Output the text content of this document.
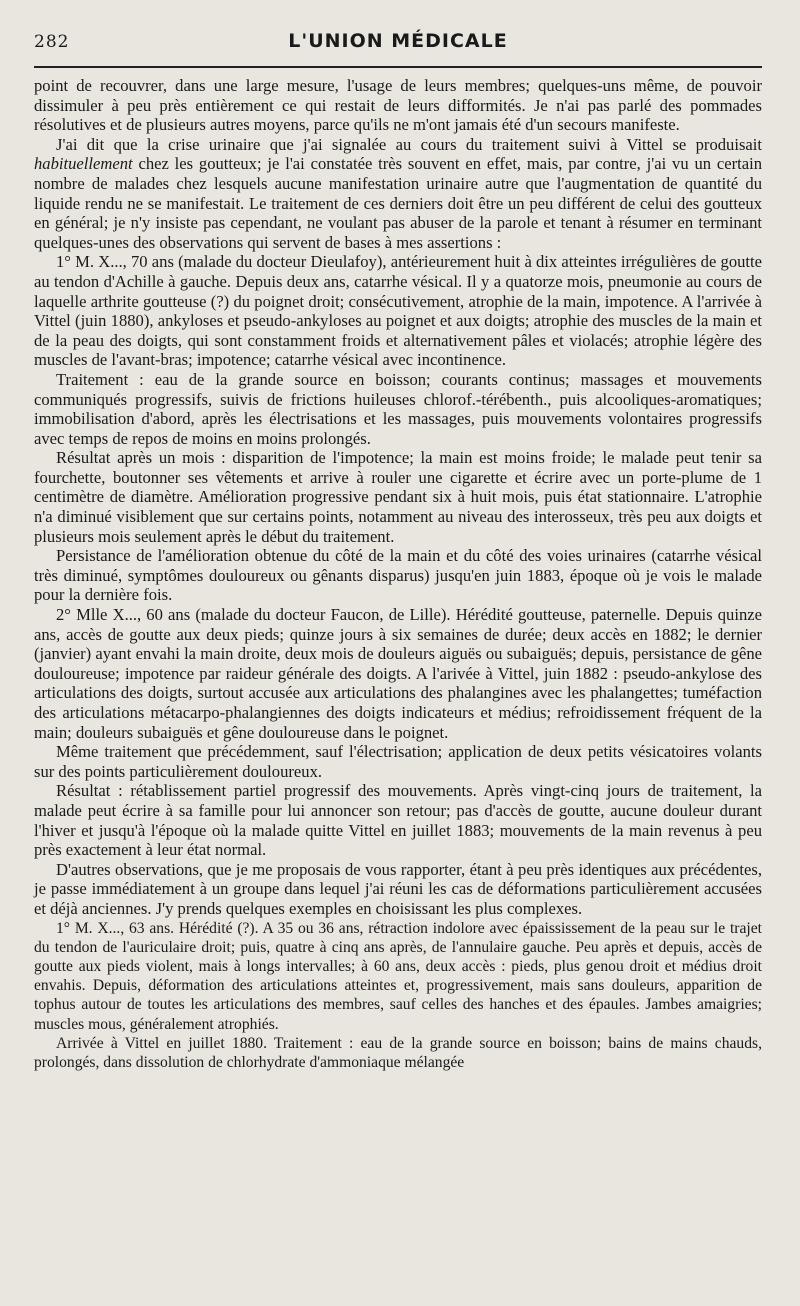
282	L'UNION MÉDICALE

point de recouvrer, dans une large mesure, l'usage de leurs membres; quelques-uns même, de pouvoir dissimuler à peu près entièrement ce qui restait de leurs difformités. Je n'ai pas parlé des pommades résolutives et de plusieurs autres moyens, parce qu'ils ne m'ont jamais été d'un secours manifeste.

J'ai dit que la crise urinaire que j'ai signalée au cours du traitement suivi à Vittel se produisait habituellement chez les goutteux; je l'ai constatée très souvent en effet, mais, par contre, j'ai vu un certain nombre de malades chez lesquels aucune manifestation urinaire autre que l'augmentation de quantité du liquide rendu ne se manifestait. Le traitement de ces derniers doit être un peu différent de celui des goutteux en général; je n'y insiste pas cependant, ne voulant pas abuser de la parole et tenant à résumer en terminant quelques-unes des observations qui servent de bases à mes assertions :

1° M. X..., 70 ans (malade du docteur Dieulafoy), antérieurement huit à dix atteintes irrégulières de goutte au tendon d'Achille à gauche. Depuis deux ans, catarrhe vésical. Il y a quatorze mois, pneumonie au cours de laquelle arthrite goutteuse (?) du poignet droit; consécutivement, atrophie de la main, impotence. A l'arrivée à Vittel (juin 1880), ankyloses et pseudo-ankyloses au poignet et aux doigts; atrophie des muscles de la main et de la peau des doigts, qui sont constamment froids et alternativement pâles et violacés; atrophie légère des muscles de l'avant-bras; impotence; catarrhe vésical avec incontinence.

Traitement : eau de la grande source en boisson; courants continus; massages et mouvements communiqués progressifs, suivis de frictions huileuses chlorof.-térébenth., puis alcooliques-aromatiques; immobilisation d'abord, après les électrisations et les massages, puis mouvements volontaires progressifs avec temps de repos de moins en moins prolongés.

Résultat après un mois : disparition de l'impotence; la main est moins froide; le malade peut tenir sa fourchette, boutonner ses vêtements et arrive à rouler une cigarette et écrire avec un porte-plume de 1 centimètre de diamètre. Amélioration progressive pendant six à huit mois, puis état stationnaire. L'atrophie n'a diminué visiblement que sur certains points, notamment au niveau des interosseux, très peu aux doigts et plusieurs mois seulement après le début du traitement.

Persistance de l'amélioration obtenue du côté de la main et du côté des voies urinaires (catarrhe vésical très diminué, symptômes douloureux ou gênants disparus) jusqu'en juin 1883, époque où je vois le malade pour la dernière fois.

2° Mlle X..., 60 ans (malade du docteur Faucon, de Lille). Hérédité goutteuse, paternelle. Depuis quinze ans, accès de goutte aux deux pieds; quinze jours à six semaines de durée; deux accès en 1882; le dernier (janvier) ayant envahi la main droite, deux mois de douleurs aiguës ou subaiguës; depuis, persistance de gêne douloureuse; impotence par raideur générale des doigts. A l'arivée à Vittel, juin 1882 : pseudo-ankylose des articulations des doigts, surtout accusée aux articulations des phalangines avec les phalangettes; tuméfaction des articulations métacarpo-phalangiennes des doigts indicateurs et médius; refroidissement fréquent de la main; douleurs subaiguës et gêne douloureuse dans le poignet.

Même traitement que précédemment, sauf l'électrisation; application de deux petits vésicatoires volants sur des points particulièrement douloureux.

Résultat : rétablissement partiel progressif des mouvements. Après vingt-cinq jours de traitement, la malade peut écrire à sa famille pour lui annoncer son retour; pas d'accès de goutte, aucune douleur durant l'hiver et jusqu'à l'époque où la malade quitte Vittel en juillet 1883; mouvements de la main revenus à peu près exactement à leur état normal.

D'autres observations, que je me proposais de vous rapporter, étant à peu près identiques aux précédentes, je passe immédiatement à un groupe dans lequel j'ai réuni les cas de déformations particulièrement accusées et déjà anciennes. J'y prends quelques exemples en choisissant les plus complexes.

1° M. X..., 63 ans. Hérédité (?). A 35 ou 36 ans, rétraction indolore avec épaississement de la peau sur le trajet du tendon de l'auriculaire droit; puis, quatre à cinq ans après, de l'annulaire gauche. Peu après et depuis, accès de goutte aux pieds violent, mais à longs intervalles; à 60 ans, deux accès : pieds, plus genou droit et médius droit envahis. Depuis, déformation des articulations atteintes et, progressivement, mais sans douleurs, apparition de tophus autour de toutes les articulations des membres, sauf celles des hanches et des épaules. Jambes amaigries; muscles mous, généralement atrophiés.

Arrivée à Vittel en juillet 1880. Traitement : eau de la grande source en boisson; bains de mains chauds, prolongés, dans dissolution de chlorhydrate d'ammoniaque mélangée
